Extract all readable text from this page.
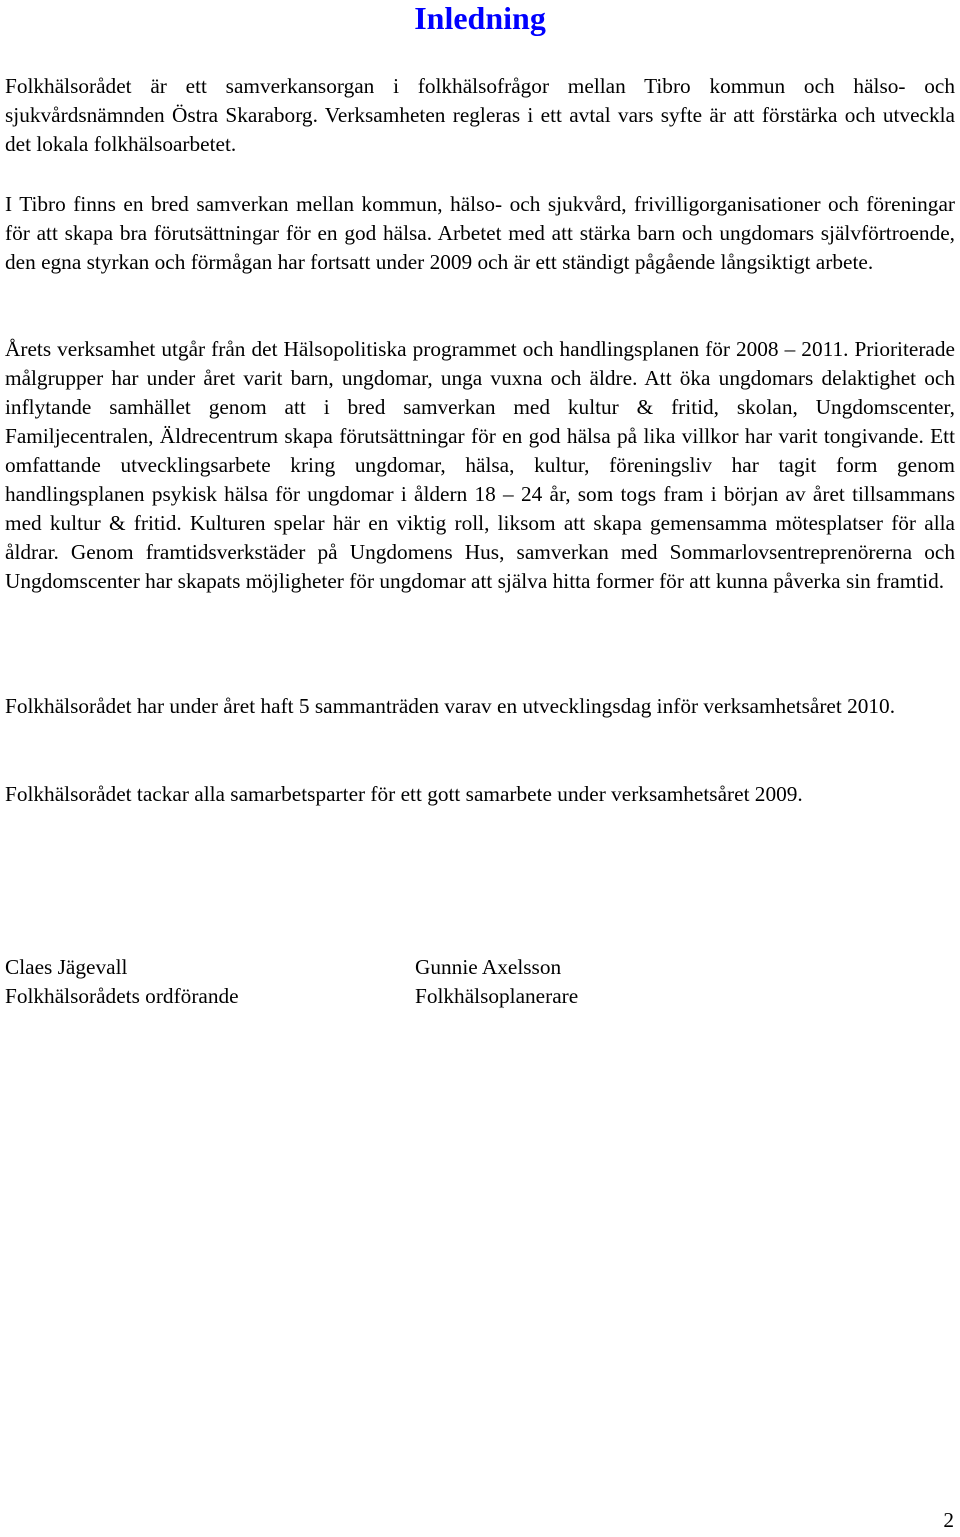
Inledning

Folkhälsorådet är ett samverkansorgan i folkhälsofrågor mellan Tibro kommun och hälso- och sjukvårdsnämnden Östra Skaraborg. Verksamheten regleras i ett avtal vars syfte är att förstärka och utveckla det lokala folkhälsoarbetet.

I Tibro finns en bred samverkan mellan kommun, hälso- och sjukvård, frivilligorganisationer och föreningar för att skapa bra förutsättningar för en god hälsa. Arbetet med att stärka barn och ungdomars självförtroende, den egna styrkan och förmågan har fortsatt under 2009 och är ett ständigt pågående långsiktigt arbete.

Årets verksamhet utgår från det Hälsopolitiska programmet och handlingsplanen för 2008 – 2011. Prioriterade målgrupper har under året varit barn, ungdomar, unga vuxna och äldre. Att öka ungdomars delaktighet och inflytande samhället genom att i bred samverkan med kultur & fritid, skolan, Ungdomscenter, Familjecentralen, Äldrecentrum skapa förutsättningar för en god hälsa på lika villkor har varit tongivande. Ett omfattande utvecklingsarbete kring ungdomar, hälsa, kultur, föreningsliv har tagit form genom handlingsplanen psykisk hälsa för ungdomar i åldern 18 – 24 år, som togs fram i början av året tillsammans med kultur & fritid. Kulturen spelar här en viktig roll, liksom att skapa gemensamma mötesplatser för alla åldrar. Genom framtidsverkstäder på Ungdomens Hus, samverkan med Sommarlovsentreprenörerna och Ungdomscenter har skapats möjligheter för ungdomar att själva hitta former för att kunna påverka sin framtid.

Folkhälsorådet har under året haft 5 sammanträden varav en utvecklingsdag inför verksamhetsåret 2010.

Folkhälsorådet tackar alla samarbetsparter för ett gott samarbete under verksamhetsåret 2009.

Claes Jägevall
Folkhälsorådets ordförande
Gunnie Axelsson
Folkhälsoplanerare
2
